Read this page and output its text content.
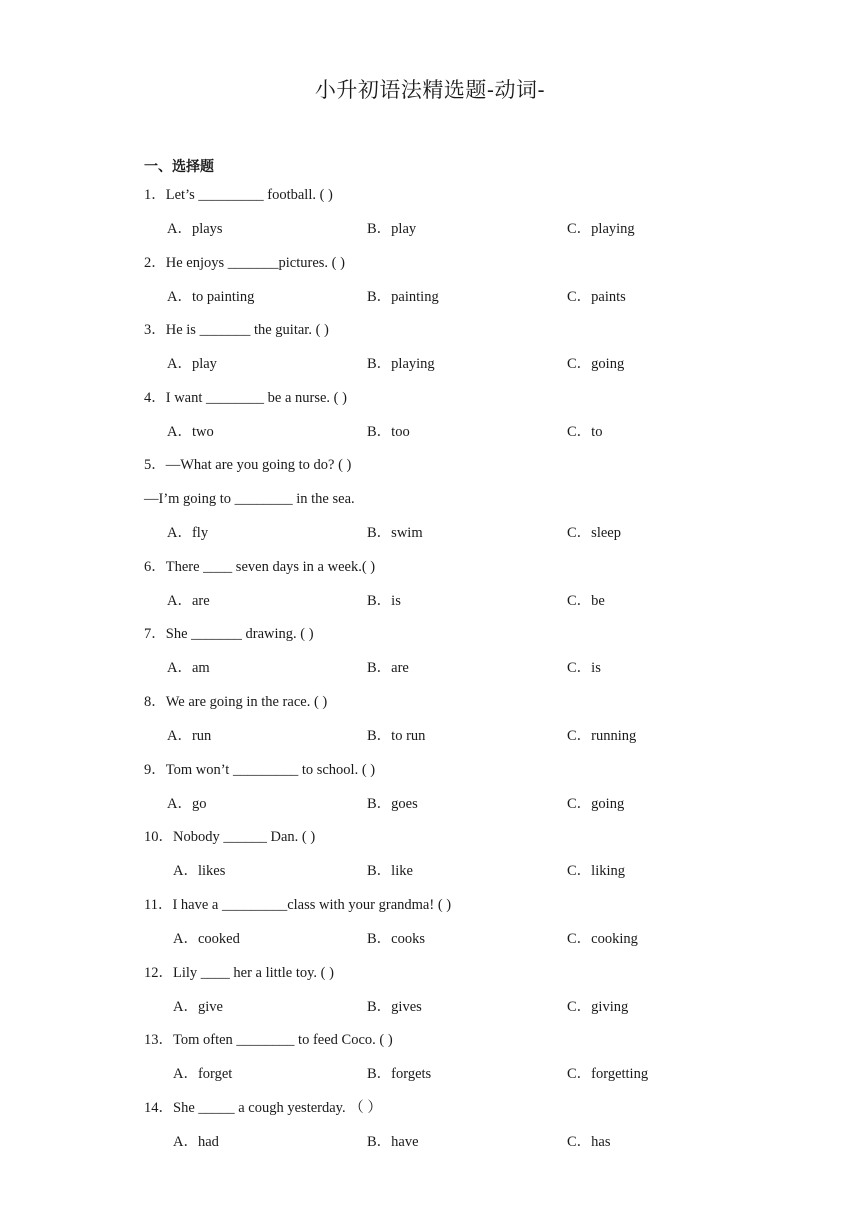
小升初语法精选题-动词-
一、选择题
1．Let’s _________ football. ( )
A．plays	B．play	C．playing
2．He enjoys _______pictures. ( )
A．to painting	B．painting	C．paints
3．He is _______ the guitar. ( )
A．play	B．playing	C．going
4．I want ________ be a nurse. ( )
A．two	B．too	C．to
5．—What are you going to do? ( )
—I’m going to ________ in the sea.
A．fly	B．swim	C．sleep
6．There ____ seven days in a week.( )
A．are	B．is	C．be
7．She _______ drawing. ( )
A．am	B．are	C．is
8．We are going in the race. ( )
A．run	B．to run	C．running
9．Tom won’t _________ to school. ( )
A．go	B．goes	C．going
10．Nobody ______ Dan. ( )
A．likes	B．like	C．liking
11．I have a _________class with your grandma! ( )
A．cooked	B．cooks	C．cooking
12．Lily ____ her a little toy. ( )
A．give	B．gives	C．giving
13．Tom often ________ to feed Coco. ( )
A．forget	B．forgets	C．forgetting
14．She _____ a cough yesterday. （ ）
A．had	B．have	C．has
